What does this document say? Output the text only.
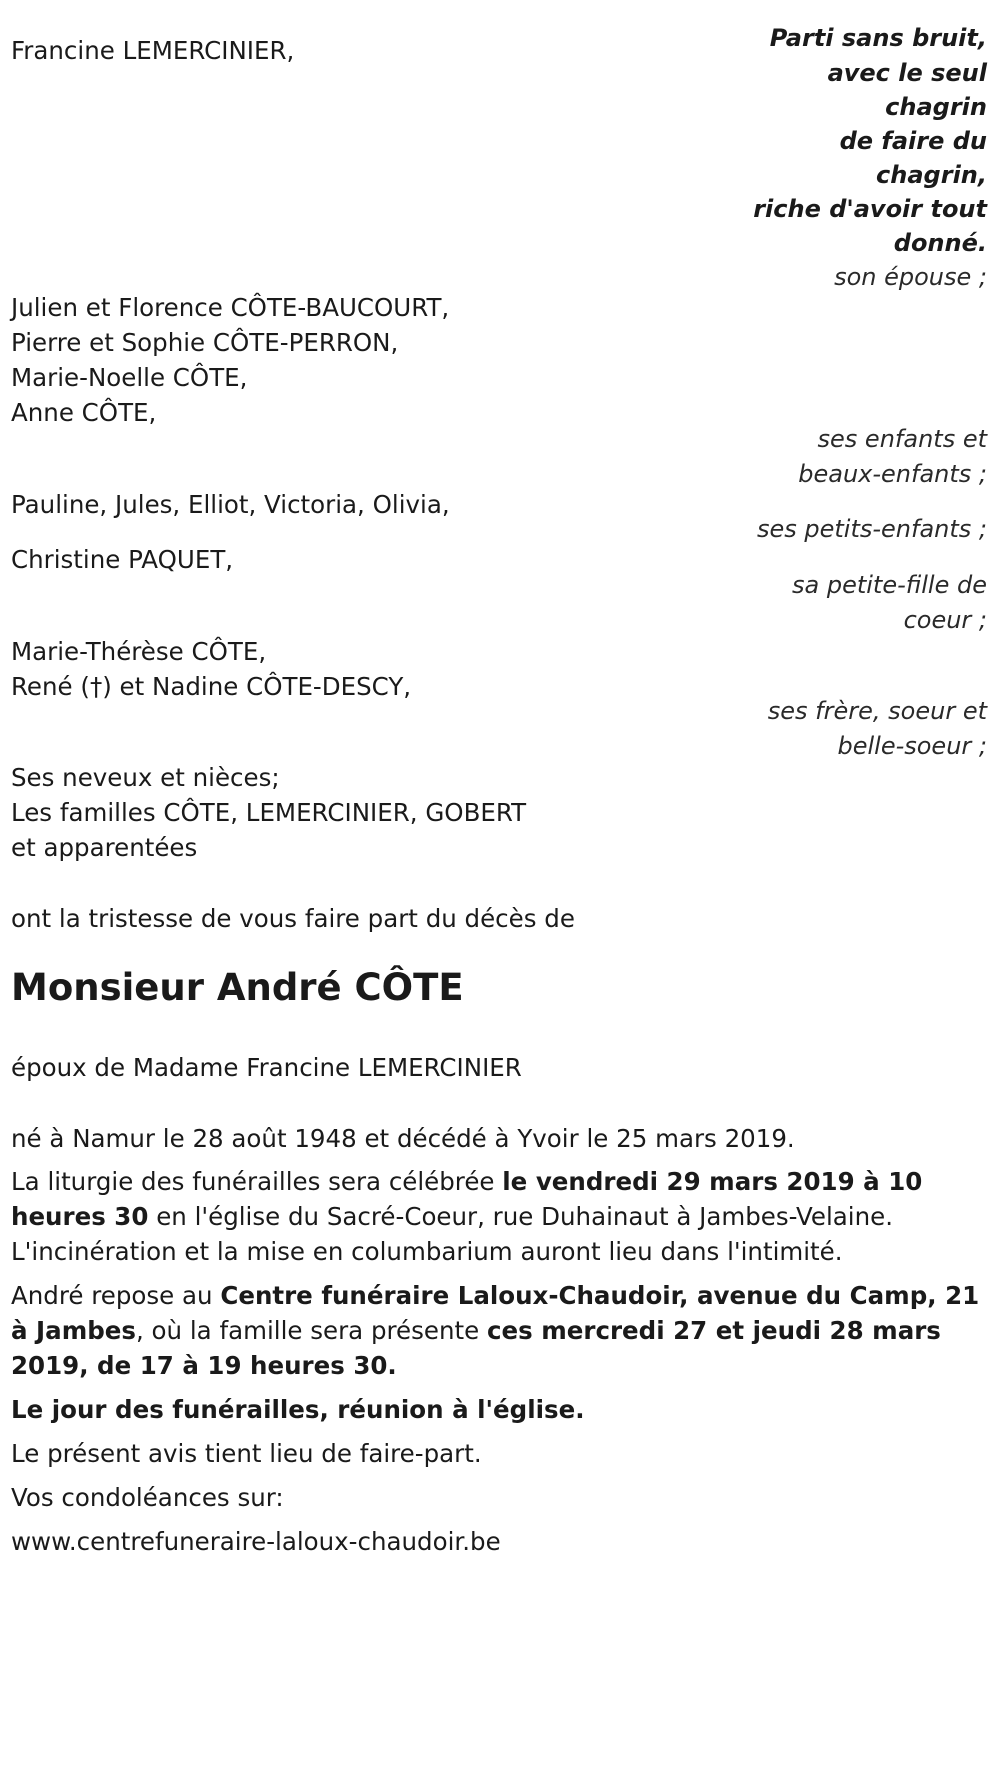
Parti sans bruit,
avec le seul
chagrin
de faire du
chagrin,
riche d'avoir tout
donné.
Francine LEMERCINIER,
son épouse ;
Julien et Florence CÔTE-BAUCOURT,
Pierre et Sophie CÔTE-PERRON,
Marie-Noelle CÔTE,
Anne CÔTE,
ses enfants et
beaux-enfants ;
Pauline, Jules, Elliot, Victoria, Olivia,
ses petits-enfants ;
Christine PAQUET,
sa petite-fille de
coeur ;
Marie-Thérèse CÔTE,
René (†) et Nadine CÔTE-DESCY,
ses frère, soeur et
belle-soeur ;
Ses neveux et nièces;
Les familles CÔTE, LEMERCINIER, GOBERT
et apparentées
ont la tristesse de vous faire part du décès de
Monsieur André CÔTE
époux de Madame Francine LEMERCINIER
né à Namur le 28 août 1948 et décédé à Yvoir le 25 mars 2019.
La liturgie des funérailles sera célébrée le vendredi 29 mars 2019 à 10
heures 30 en l'église du Sacré-Coeur, rue Duhainaut à Jambes-Velaine.
L'incinération et la mise en columbarium auront lieu dans l'intimité.
André repose au Centre funéraire Laloux-Chaudoir, avenue du Camp, 21
à Jambes, où la famille sera présente ces mercredi 27 et jeudi 28 mars
2019, de 17 à 19 heures 30.
Le jour des funérailles, réunion à l'église.
Le présent avis tient lieu de faire-part.
Vos condoléances sur:
www.centrefuneraire-laloux-chaudoir.be
